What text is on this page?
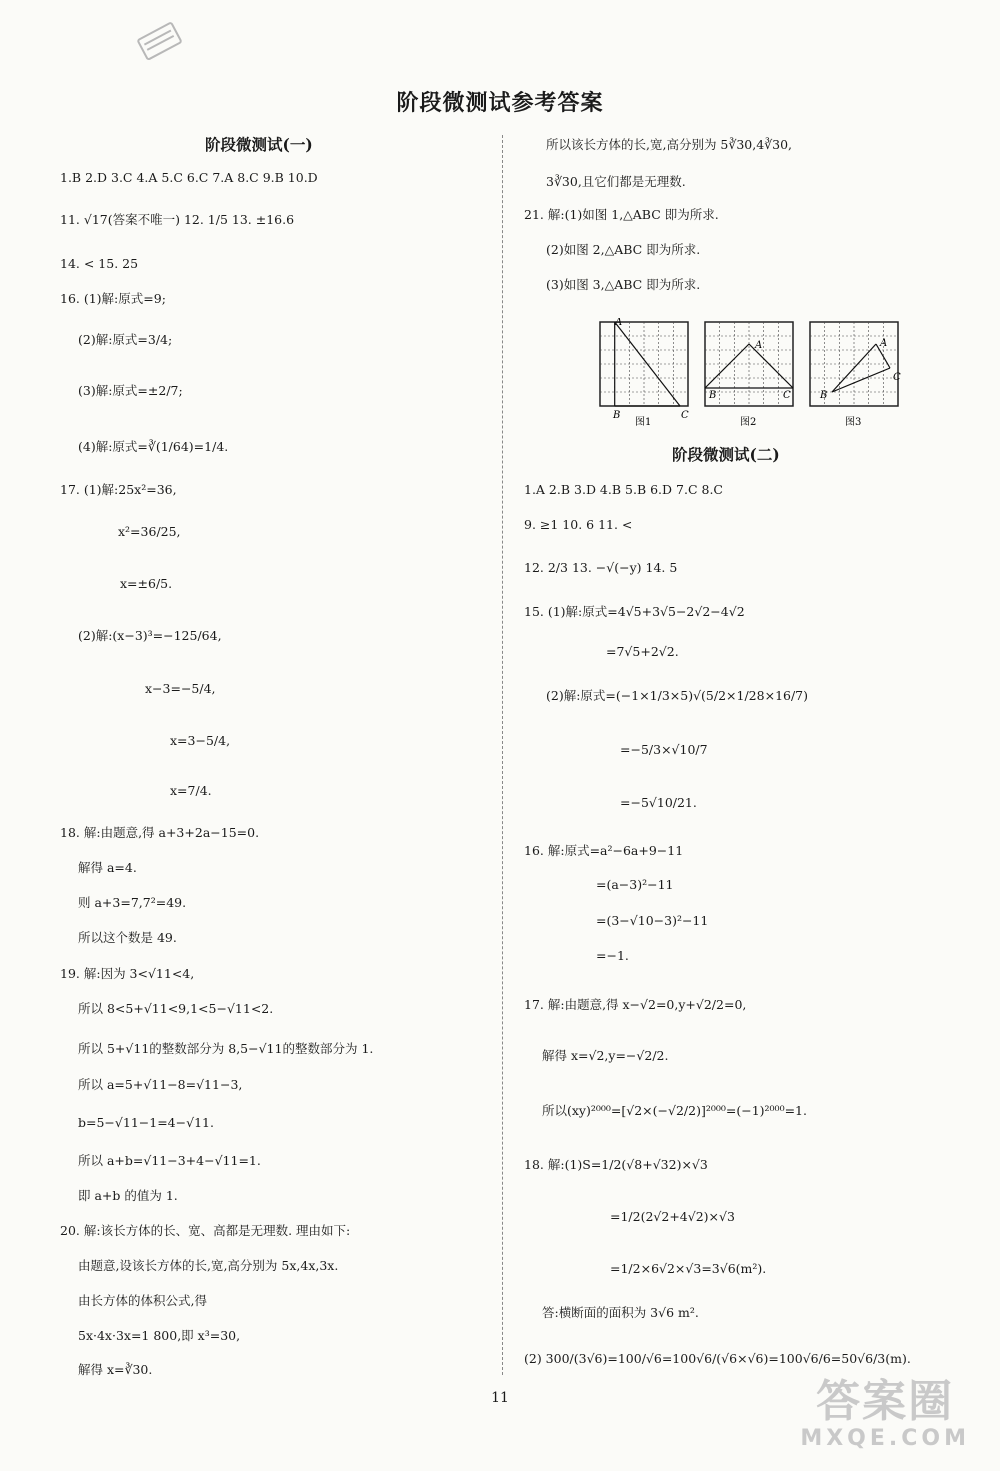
阶段微测试参考答案
阶段微测试(一)
1.B 2.D 3.C 4.A 5.C 6.C 7.A 8.C 9.B 10.D
11. √17(答案不唯一) 12. 1/5 13. ±16.6
14. < 15. 25
16. (1)解:原式=9;
(2)解:原式=3/4;
(3)解:原式=±2/7;
(4)解:原式=∛(1/64)=1/4.
17. (1)解:25x²=36,
x²=36/25,
x=±6/5.
(2)解:(x−3)³=−125/64,
x−3=−5/4,
x=3−5/4,
x=7/4.
18. 解:由题意,得 a+3+2a−15=0.
解得 a=4.
则 a+3=7,7²=49.
所以这个数是 49.
19. 解:因为 3<√11<4,
所以 8<5+√11<9,1<5−√11<2.
所以 5+√11的整数部分为 8,5−√11的整数部分为 1.
所以 a=5+√11−8=√11−3,
b=5−√11−1=4−√11.
所以 a+b=√11−3+4−√11=1.
即 a+b 的值为 1.
20. 解:该长方体的长、宽、高都是无理数. 理由如下:
由题意,设该长方体的长,宽,高分别为 5x,4x,3x.
由长方体的体积公式,得
5x·4x·3x=1 800,即 x³=30,
解得 x=∛30.
所以该长方体的长,宽,高分别为 5∛30,4∛30,
3∛30,且它们都是无理数.
21. 解:(1)如图 1,△ABC 即为所求.
(2)如图 2,△ABC 即为所求.
(3)如图 3,△ABC 即为所求.
A
B	C
图1
A
B	C
图2
A
B
C
图3
阶段微测试(二)
1.A 2.B 3.D 4.B 5.B 6.D 7.C 8.C
9. ≥1 10. 6 11. <
12. 2/3 13. −√(−y) 14. 5
15. (1)解:原式=4√5+3√5−2√2−4√2
=7√5+2√2.
(2)解:原式=(−1×1/3×5)√(5/2×1/28×16/7)
=−5/3×√10/7
=−5√10/21.
16. 解:原式=a²−6a+9−11
=(a−3)²−11
=(3−√10−3)²−11
=−1.
17. 解:由题意,得 x−√2=0,y+√2/2=0,
解得 x=√2,y=−√2/2.
所以(xy)²⁰⁰⁰=[√2×(−√2/2)]²⁰⁰⁰=(−1)²⁰⁰⁰=1.
18. 解:(1)S=1/2(√8+√32)×√3
=1/2(2√2+4√2)×√3
=1/2×6√2×√3=3√6(m²).
答:横断面的面积为 3√6 m².
(2) 300/(3√6)=100/√6=100√6/(√6×√6)=100√6/6=50√6/3(m).
11	答案圈
MXQE.COM
